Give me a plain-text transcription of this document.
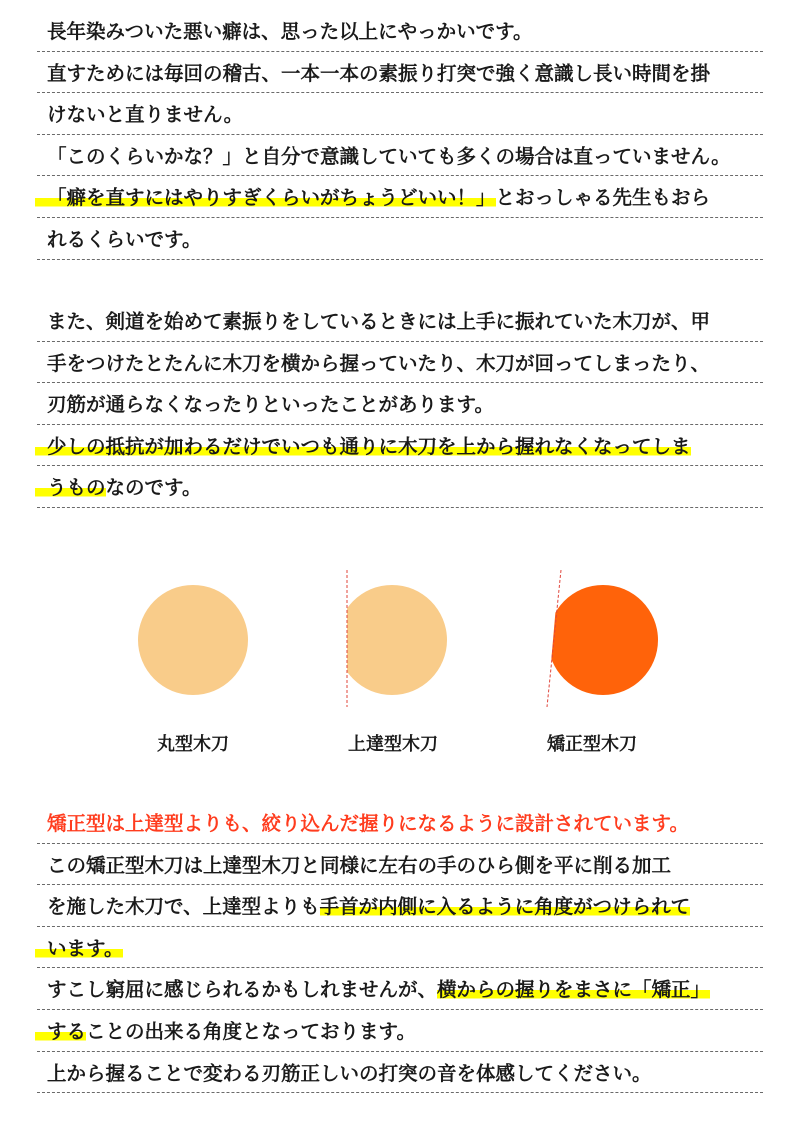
長年染みついた悪い癖は、思った以上にやっかいです。
直すためには毎回の稽古、一本一本の素振り打突で強く意識し長い時間を掛
けないと直りません。
「このくらいかな？」と自分で意識していても多くの場合は直っていません。
「癖を直すにはやりすぎくらいがちょうどいい！」とおっしゃる先生もおら
れるくらいです。
また、剣道を始めて素振りをしているときには上手に振れていた木刀が、甲
手をつけたとたんに木刀を横から握っていたり、木刀が回ってしまったり、
刃筋が通らなくなったりといったことがあります。
少しの抵抗が加わるだけでいつも通りに木刀を上から握れなくなってしま
うものなのです。
丸型木刀	上達型木刀	矯正型木刀
矯正型は上達型よりも、絞り込んだ握りになるように設計されています。
この矯正型木刀は上達型木刀と同様に左右の手のひら側を平に削る加工
を施した木刀で、上達型よりも手首が内側に入るように角度がつけられて
います。
すこし窮屈に感じられるかもしれませんが、横からの握りをまさに「矯正」
することの出来る角度となっております。
上から握ることで変わる刃筋正しいの打突の音を体感してください。
